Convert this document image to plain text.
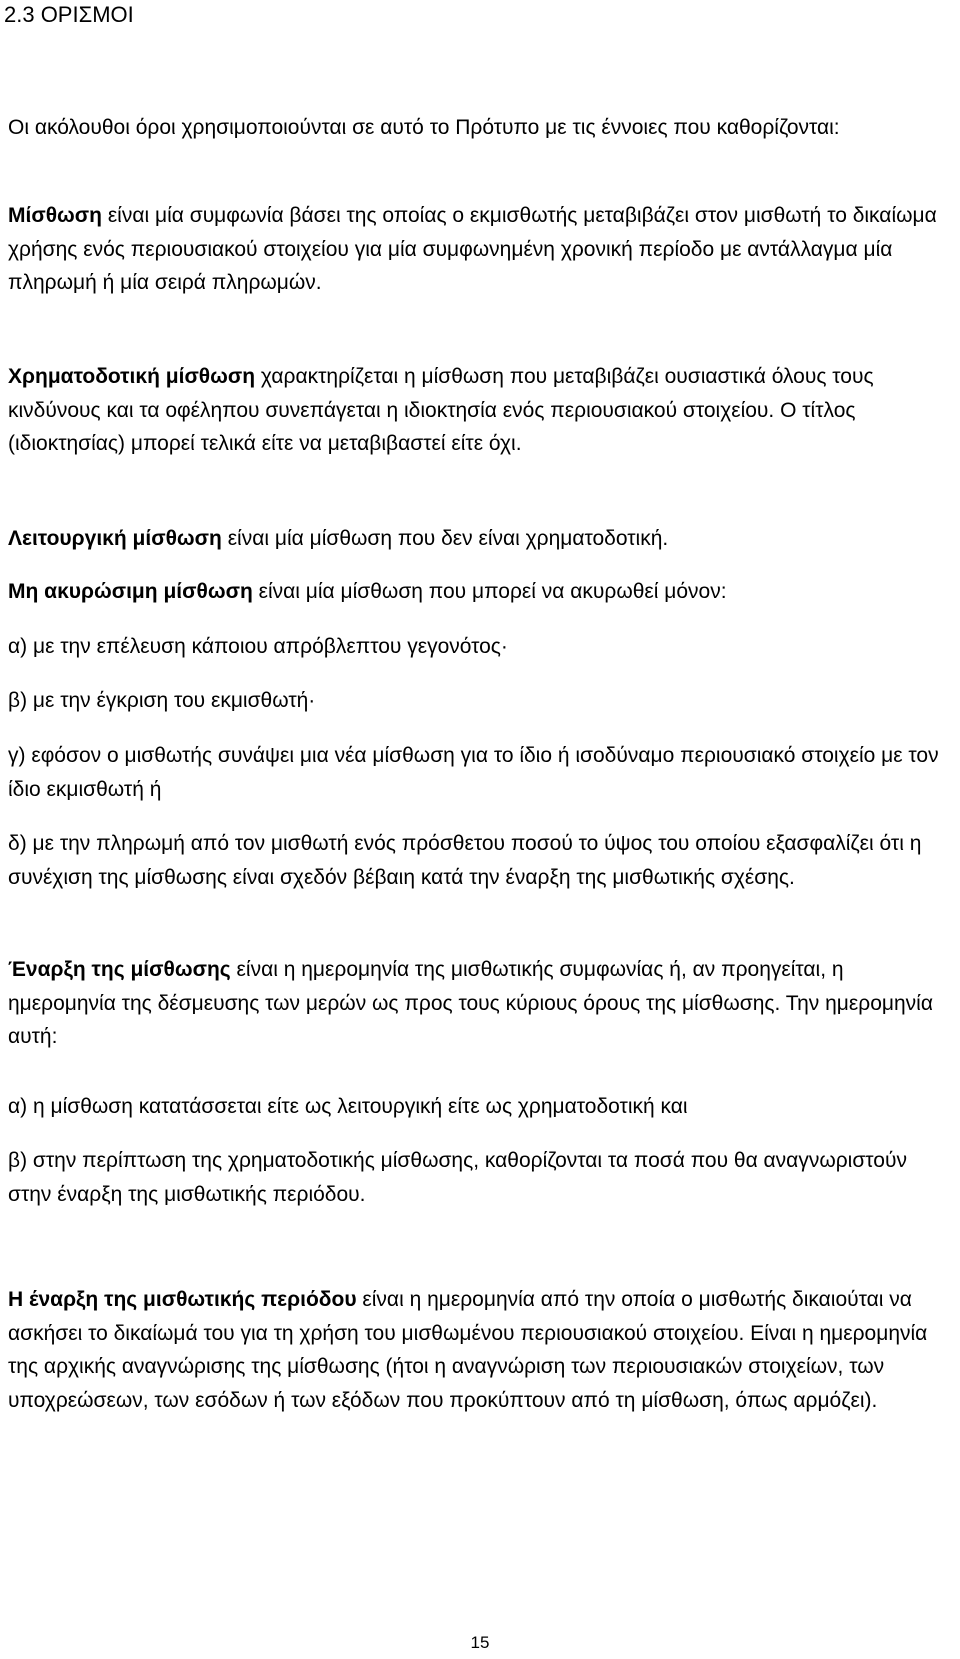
2.3 ΟΡΙΣΜΟΙ

Οι ακόλουθοι όροι χρησιμοποιούνται σε αυτό το Πρότυπο με τις έννοιες που καθορίζονται:

Μίσθωση είναι μία συμφωνία βάσει της οποίας ο εκμισθωτής μεταβιβάζει στον μισθωτή το δικαίωμα χρήσης ενός περιουσιακού στοιχείου για μία συμφωνημένη χρονική περίοδο με αντάλλαγμα μία πληρωμή ή μία σειρά πληρωμών.

Χρηματοδοτική μίσθωση χαρακτηρίζεται η μίσθωση που μεταβιβάζει ουσιαστικά όλους τους κινδύνους και τα οφέληπου συνεπάγεται η ιδιοκτησία ενός περιουσιακού στοιχείου. Ο τίτλος (ιδιοκτησίας) μπορεί τελικά είτε να μεταβιβαστεί είτε όχι.

Λειτουργική μίσθωση είναι μία μίσθωση που δεν είναι χρηματοδοτική.

Μη ακυρώσιμη μίσθωση είναι μία μίσθωση που μπορεί να ακυρωθεί μόνον:

α) με την επέλευση κάποιου απρόβλεπτου γεγονότος·

β) με την έγκριση του εκμισθωτή·

γ) εφόσον ο μισθωτής συνάψει μια νέα μίσθωση για το ίδιο ή ισοδύναμο περιουσιακό στοιχείο με τον ίδιο εκμισθωτή ή

δ) με την πληρωμή από τον μισθωτή ενός πρόσθετου ποσού το ύψος του οποίου εξασφαλίζει ότι η συνέχιση της μίσθωσης είναι σχεδόν βέβαιη κατά την έναρξη της μισθωτικής σχέσης.

Έναρξη της μίσθωσης είναι η ημερομηνία της μισθωτικής συμφωνίας ή, αν προηγείται, η ημερομηνία της δέσμευσης των μερών ως προς τους κύριους όρους της μίσθωσης. Την ημερομηνία αυτή:

α) η μίσθωση κατατάσσεται είτε ως λειτουργική είτε ως χρηματοδοτική και

β) στην περίπτωση της χρηματοδοτικής μίσθωσης, καθορίζονται τα ποσά που θα αναγνωριστούν στην έναρξη της μισθωτικής περιόδου.

Η έναρξη της μισθωτικής περιόδου είναι η ημερομηνία από την οποία ο μισθωτής δικαιούται να ασκήσει το δικαίωμά του για τη χρήση του μισθωμένου περιουσιακού στοιχείου. Είναι η ημερομηνία της αρχικής αναγνώρισης της μίσθωσης (ήτοι η αναγνώριση των περιουσιακών στοιχείων, των υποχρεώσεων, των εσόδων ή των εξόδων που προκύπτουν από τη μίσθωση, όπως αρμόζει).

15
